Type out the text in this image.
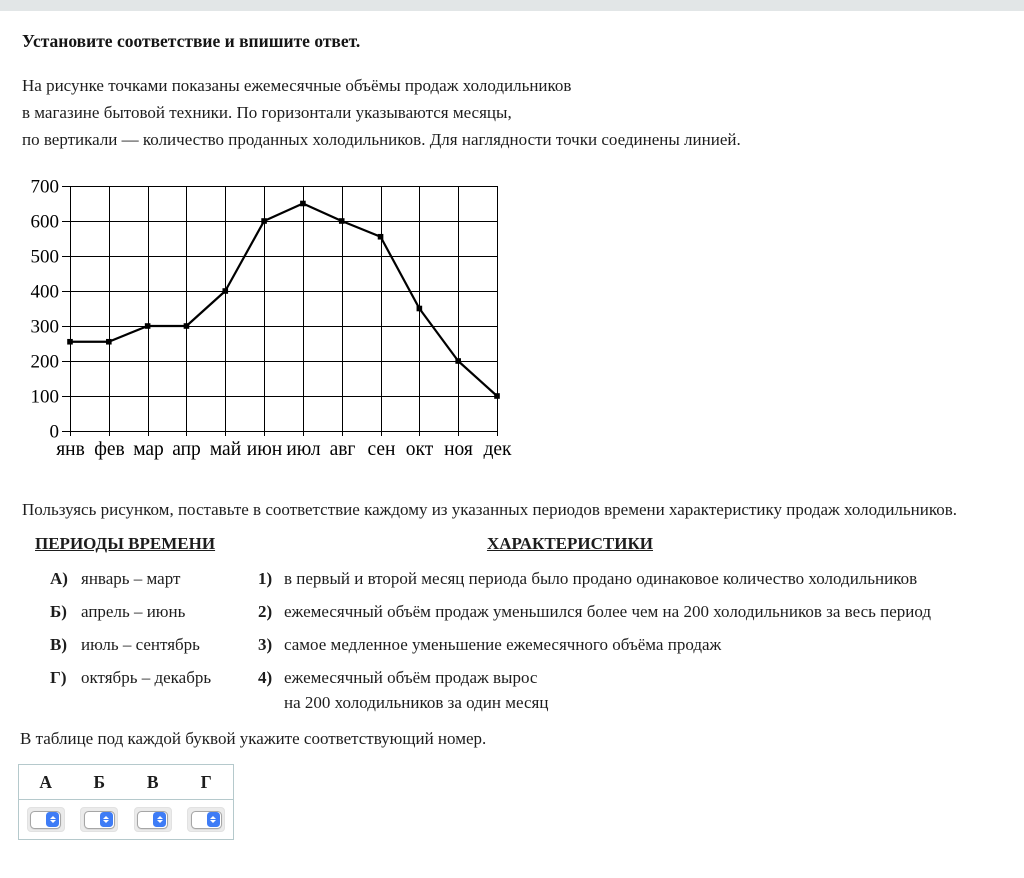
Установите соответствие и впишите ответ.
На рисунке точками показаны ежемесячные объёмы продаж холодильников
в магазине бытовой техники. По горизонтали указываются месяцы,
по вертикали — количество проданных холодильников. Для наглядности точки соединены линией.
0
100
200
300
400
500
600
700
янв фев мар апр май июн июл авг сен окт ноя дек

Пользуясь рисунком, поставьте в соответствие каждому из указанных периодов времени характеристику продаж холодильников.

ПЕРИОДЫ ВРЕМЕНИ	ХАРАКТЕРИСТИКИ
А) январь – март	1) в первый и второй месяц периода было продано одинаковое количество холодильников
Б) апрель – июнь	2) ежемесячный объём продаж уменьшился более чем на 200 холодильников за весь период
В) июль – сентябрь	3) самое медленное уменьшение ежемесячного объёма продаж
Г) октябрь – декабрь	4) ежемесячный объём продаж вырос
на 200 холодильников за один месяц

В таблице под каждой буквой укажите соответствующий номер.

А	Б	В	Г
